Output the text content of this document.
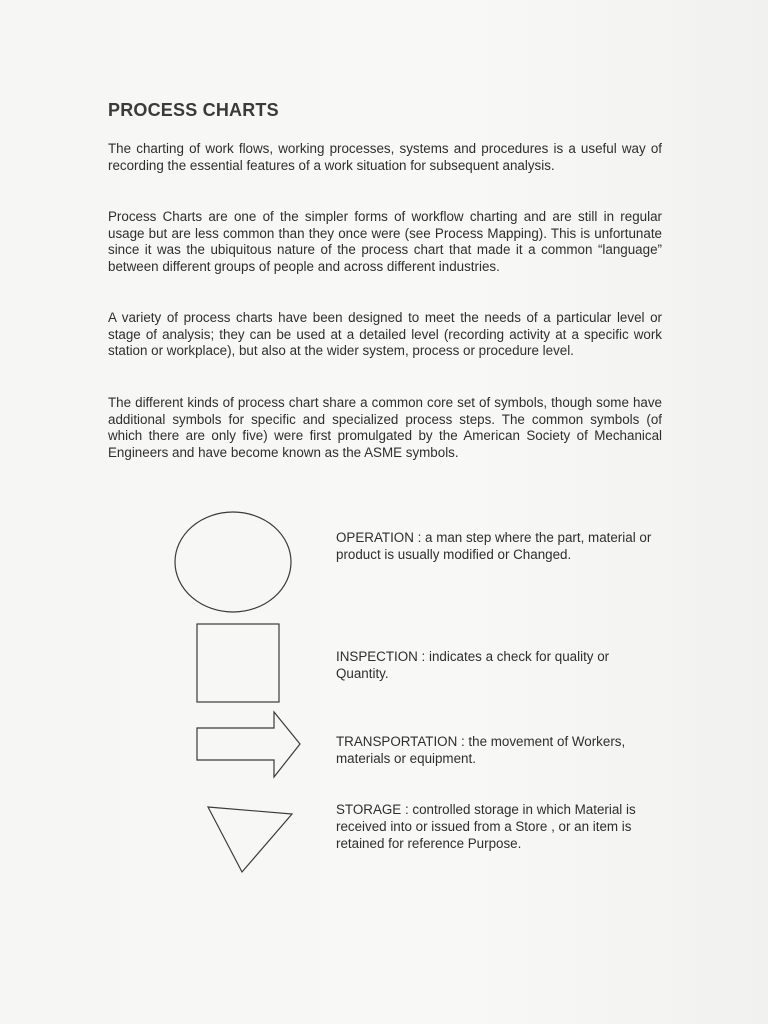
PROCESS CHARTS
The charting of work flows, working processes, systems and procedures is a useful way of recording the essential features of a work situation for subsequent analysis.
Process Charts are one of the simpler forms of workflow charting and are still in regular usage but are less common than they once were (see Process Mapping). This is unfortunate since it was the ubiquitous nature of the process chart that made it a common “language” between different groups of people and across different industries.
A variety of process charts have been designed to meet the needs of a particular level or stage of analysis; they can be used at a detailed level (recording activity at a specific work station or workplace), but also at the wider system, process or procedure level.
The different kinds of process chart share a common core set of symbols, though some have additional symbols for specific and specialized process steps. The common symbols (of which there are only five) were first promulgated by the American Society of Mechanical Engineers and have become known as the ASME symbols.
OPERATION : a man step where the part, material or product is usually modified or Changed.
INSPECTION : indicates a check for quality or Quantity.
TRANSPORTATION : the movement of Workers, materials or equipment.
STORAGE : controlled storage in which Material is received into or issued from a Store , or an item is retained for reference Purpose.
